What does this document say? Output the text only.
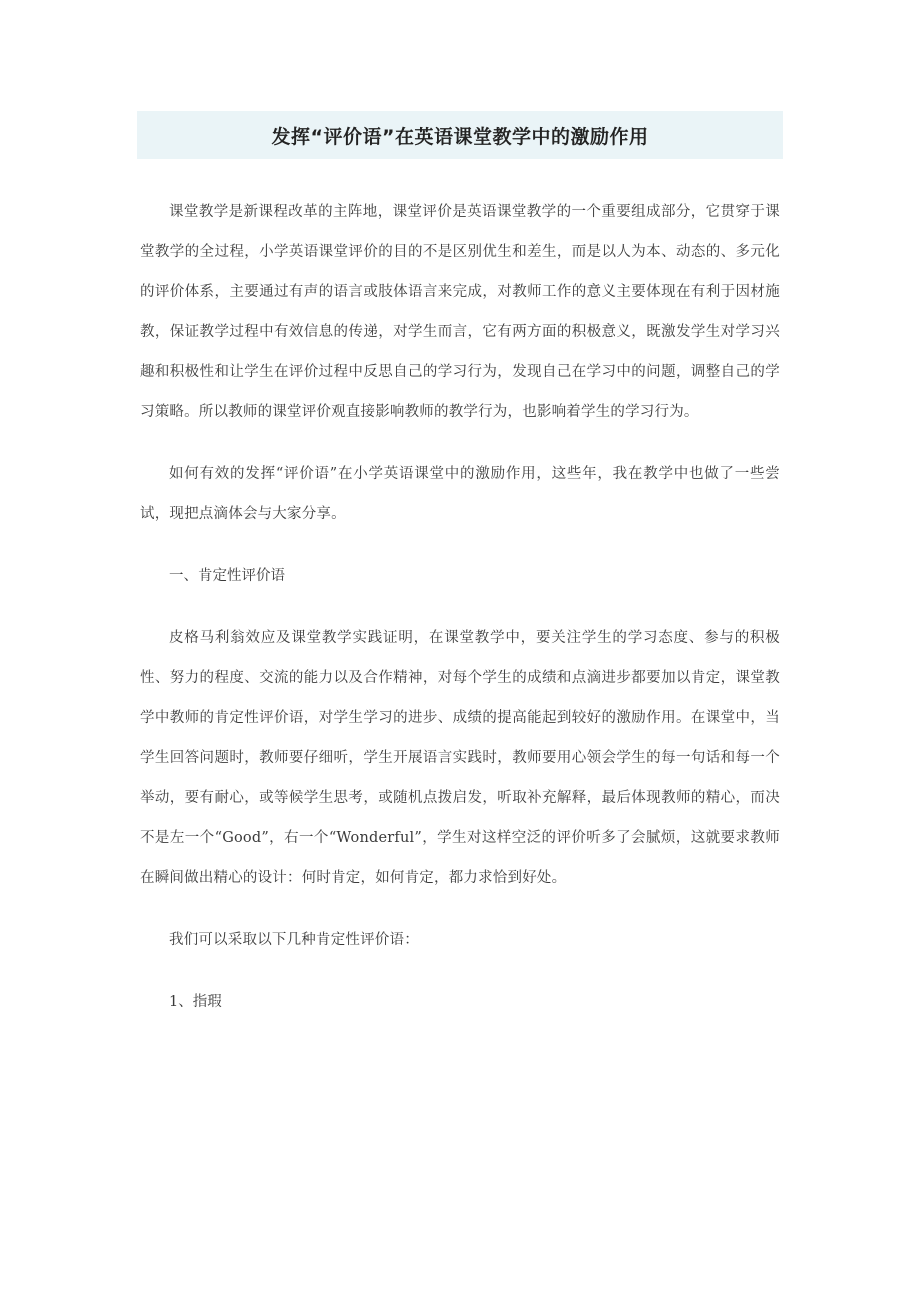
发挥“评价语”在英语课堂教学中的激励作用

课堂教学是新课程改革的主阵地，课堂评价是英语课堂教学的一个重要组成部分，它贯穿于课堂教学的全过程，小学英语课堂评价的目的不是区别优生和差生，而是以人为本、动态的、多元化的评价体系，主要通过有声的语言或肢体语言来完成，对教师工作的意义主要体现在有利于因材施教，保证教学过程中有效信息的传递，对学生而言，它有两方面的积极意义，既激发学生对学习兴趣和积极性和让学生在评价过程中反思自己的学习行为，发现自己在学习中的问题，调整自己的学习策略。所以教师的课堂评价观直接影响教师的教学行为，也影响着学生的学习行为。

如何有效的发挥“评价语”在小学英语课堂中的激励作用，这些年，我在教学中也做了一些尝试，现把点滴体会与大家分享。

一、肯定性评价语

皮格马利翁效应及课堂教学实践证明，在课堂教学中，要关注学生的学习态度、参与的积极性、努力的程度、交流的能力以及合作精神，对每个学生的成绩和点滴进步都要加以肯定，课堂教学中教师的肯定性评价语，对学生学习的进步、成绩的提高能起到较好的激励作用。在课堂中，当学生回答问题时，教师要仔细听，学生开展语言实践时，教师要用心领会学生的每一句话和每一个举动，要有耐心，或等候学生思考，或随机点拨启发，听取补充解释，最后体现教师的精心，而决不是左一个“Good”，右一个“Wonderful”，学生对这样空泛的评价听多了会腻烦，这就要求教师在瞬间做出精心的设计：何时肯定，如何肯定，都力求恰到好处。

我们可以采取以下几种肯定性评价语：

1、指瑕
